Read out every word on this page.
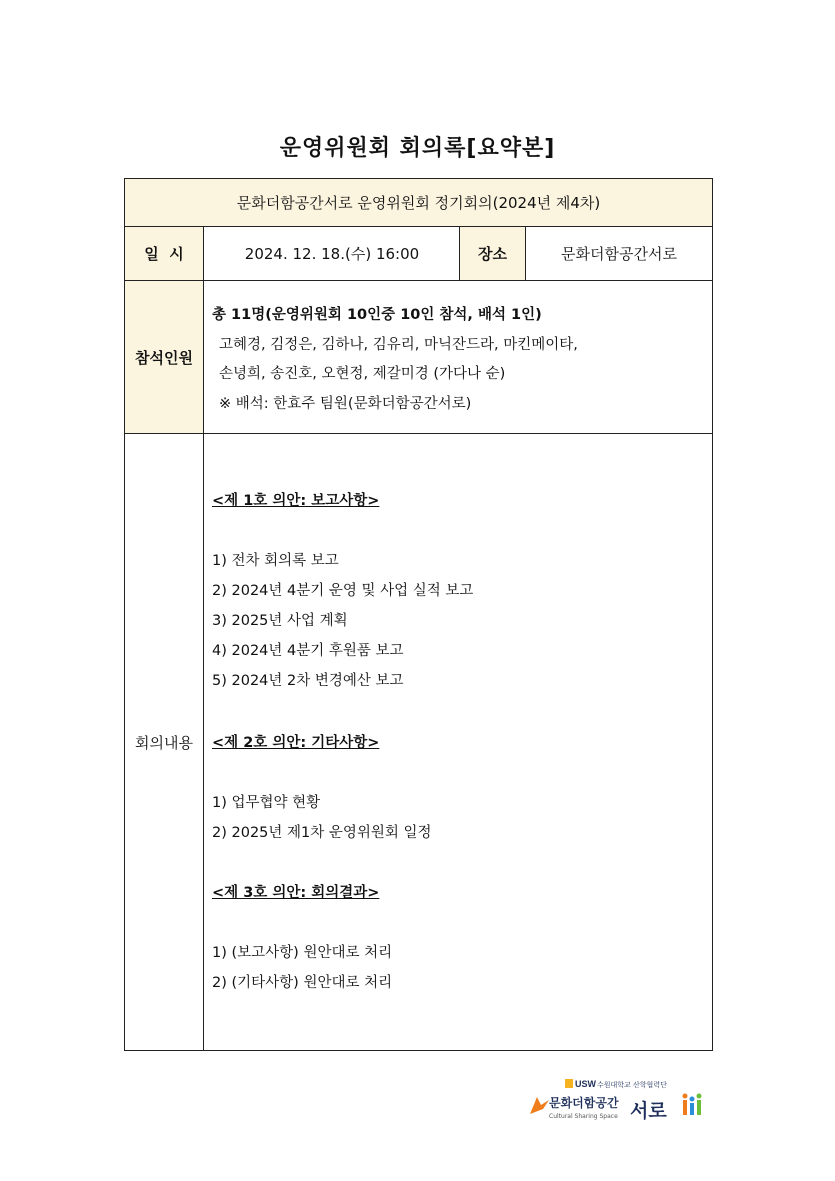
운영위원회 회의록[요약본]
문화더함공간서로 운영위원회 정기회의(2024년 제4차)
일  시	2024. 12. 18.(수) 16:00	장소	문화더함공간서로
참석인원
총 11명(운영위원회 10인중 10인 참석, 배석 1인)
고혜경, 김정은, 김하나, 김유리, 마닉잔드라, 마킨메이타,
손녕희, 송진호, 오현정, 제갈미경 (가다나 순)
※ 배석: 한효주 팀원(문화더함공간서로)
회의내용
<제 1호 의안: 보고사항>
1) 전차 회의록 보고
2) 2024년 4분기 운영 및 사업 실적 보고
3) 2025년 사업 계획
4) 2024년 4분기 후원품 보고
5) 2024년 2차 변경예산 보고
<제 2호 의안: 기타사항>
1) 업무협약 현황
2) 2025년 제1차 운영위원회 일정
<제 3호 의안: 회의결과>
1) (보고사항) 원안대로 처리
2) (기타사항) 원안대로 처리
USW 수원대학교 산학협력단
문화더함공간
Cultural Sharing Space 서로
